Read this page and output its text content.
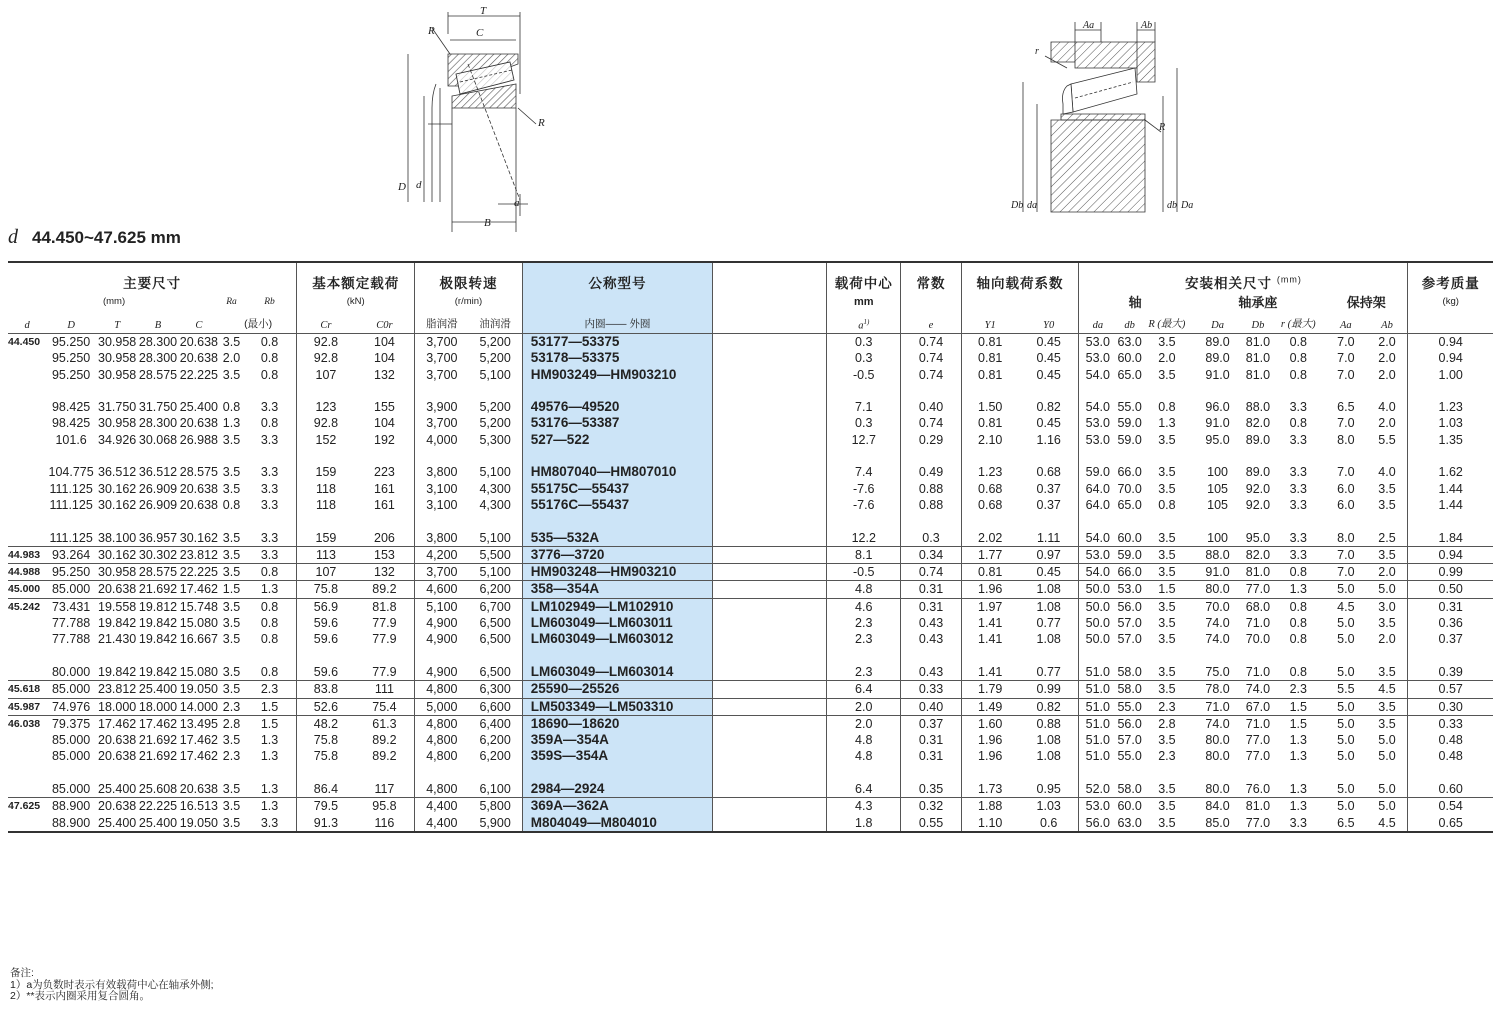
T
C
R
R
D d
a
B
Aa	Ab
r
R
Db da	db Da
d 44.450~47.625 mm
主要尺寸							基本额定载荷		极限转速		公称型号		载荷中心	常数	轴向载荷系数		安装相关尺寸 $^{(mm)}$								参考质量
(mm)					Ra	Rb	(kN)		(r/min)				mm				轴			轴承座			保持架		(kg)
d	D	T	B	C	(最小)		Cr	C0r	脂润滑	油润滑	内圈—— 外圈		$a^{1)}$	e	Y1	Y0	da	db	R (最大)	Da	Db	r (最大)	Aa	Ab	
44.450	95.250	30.958	28.300	20.638	3.5	0.8	92.8	104	3,700	5,200	53177—53375		0.3	0.74	0.81	0.45	53.0	63.0	3.5	89.0	81.0	0.8	7.0	2.0	0.94
	95.250	30.958	28.300	20.638	2.0	0.8	92.8	104	3,700	5,200	53178—53375		0.3	0.74	0.81	0.45	53.0	60.0	2.0	89.0	81.0	0.8	7.0	2.0	0.94
	95.250	30.958	28.575	22.225	3.5	0.8	107	132	3,700	5,100	HM903249—HM903210		-0.5	0.74	0.81	0.45	54.0	65.0	3.5	91.0	81.0	0.8	7.0	2.0	1.00

	98.425	31.750	31.750	25.400	0.8	3.3	123	155	3,900	5,200	49576—49520		7.1	0.40	1.50	0.82	54.0	55.0	0.8	96.0	88.0	3.3	6.5	4.0	1.23
	98.425	30.958	28.300	20.638	1.3	0.8	92.8	104	3,700	5,200	53176—53387		0.3	0.74	0.81	0.45	53.0	59.0	1.3	91.0	82.0	0.8	7.0	2.0	1.03
	101.6	34.926	30.068	26.988	3.5	3.3	152	192	4,000	5,300	527—522		12.7	0.29	2.10	1.16	53.0	59.0	3.5	95.0	89.0	3.3	8.0	5.5	1.35

	104.775	36.512	36.512	28.575	3.5	3.3	159	223	3,800	5,100	HM807040—HM807010		7.4	0.49	1.23	0.68	59.0	66.0	3.5	100	89.0	3.3	7.0	4.0	1.62
	111.125	30.162	26.909	20.638	3.5	3.3	118	161	3,100	4,300	55175C—55437		-7.6	0.88	0.68	0.37	64.0	70.0	3.5	105	92.0	3.3	6.0	3.5	1.44
	111.125	30.162	26.909	20.638	0.8	3.3	118	161	3,100	4,300	55176C—55437		-7.6	0.88	0.68	0.37	64.0	65.0	0.8	105	92.0	3.3	6.0	3.5	1.44

	111.125	38.100	36.957	30.162	3.5	3.3	159	206	3,800	5,100	535—532A		12.2	0.3	2.02	1.11	54.0	60.0	3.5	100	95.0	3.3	8.0	2.5	1.84
44.983	93.264	30.162	30.302	23.812	3.5	3.3	113	153	4,200	5,500	3776—3720		8.1	0.34	1.77	0.97	53.0	59.0	3.5	88.0	82.0	3.3	7.0	3.5	0.94
44.988	95.250	30.958	28.575	22.225	3.5	0.8	107	132	3,700	5,100	HM903248—HM903210		-0.5	0.74	0.81	0.45	54.0	66.0	3.5	91.0	81.0	0.8	7.0	2.0	0.99
45.000	85.000	20.638	21.692	17.462	1.5	1.3	75.8	89.2	4,600	6,200	358—354A		4.8	0.31	1.96	1.08	50.0	53.0	1.5	80.0	77.0	1.3	5.0	5.0	0.50
45.242	73.431	19.558	19.812	15.748	3.5	0.8	56.9	81.8	5,100	6,700	LM102949—LM102910		4.6	0.31	1.97	1.08	50.0	56.0	3.5	70.0	68.0	0.8	4.5	3.0	0.31
	77.788	19.842	19.842	15.080	3.5	0.8	59.6	77.9	4,900	6,500	LM603049—LM603011		2.3	0.43	1.41	0.77	50.0	57.0	3.5	74.0	71.0	0.8	5.0	3.5	0.36
	77.788	21.430	19.842	16.667	3.5	0.8	59.6	77.9	4,900	6,500	LM603049—LM603012		2.3	0.43	1.41	1.08	50.0	57.0	3.5	74.0	70.0	0.8	5.0	2.0	0.37

	80.000	19.842	19.842	15.080	3.5	0.8	59.6	77.9	4,900	6,500	LM603049—LM603014		2.3	0.43	1.41	0.77	51.0	58.0	3.5	75.0	71.0	0.8	5.0	3.5	0.39
45.618	85.000	23.812	25.400	19.050	3.5	2.3	83.8	111	4,800	6,300	25590—25526		6.4	0.33	1.79	0.99	51.0	58.0	3.5	78.0	74.0	2.3	5.5	4.5	0.57
45.987	74.976	18.000	18.000	14.000	2.3	1.5	52.6	75.4	5,000	6,600	LM503349—LM503310		2.0	0.40	1.49	0.82	51.0	55.0	2.3	71.0	67.0	1.5	5.0	3.5	0.30
46.038	79.375	17.462	17.462	13.495	2.8	1.5	48.2	61.3	4,800	6,400	18690—18620		2.0	0.37	1.60	0.88	51.0	56.0	2.8	74.0	71.0	1.5	5.0	3.5	0.33
	85.000	20.638	21.692	17.462	3.5	1.3	75.8	89.2	4,800	6,200	359A—354A		4.8	0.31	1.96	1.08	51.0	57.0	3.5	80.0	77.0	1.3	5.0	5.0	0.48
	85.000	20.638	21.692	17.462	2.3	1.3	75.8	89.2	4,800	6,200	359S—354A		4.8	0.31	1.96	1.08	51.0	55.0	2.3	80.0	77.0	1.3	5.0	5.0	0.48

	85.000	25.400	25.608	20.638	3.5	1.3	86.4	117	4,800	6,100	2984—2924		6.4	0.35	1.73	0.95	52.0	58.0	3.5	80.0	76.0	1.3	5.0	5.0	0.60
47.625	88.900	20.638	22.225	16.513	3.5	1.3	79.5	95.8	4,400	5,800	369A—362A		4.3	0.32	1.88	1.03	53.0	60.0	3.5	84.0	81.0	1.3	5.0	5.0	0.54
	88.900	25.400	25.400	19.050	3.5	3.3	91.3	116	4,400	5,900	M804049—M804010		1.8	0.55	1.10	0.6	56.0	63.0	3.5	85.0	77.0	3.3	6.5	4.5	0.65
备注:
1）a为负数时表示有效载荷中心在轴承外侧;
2）**表示内圈采用复合圆角。
